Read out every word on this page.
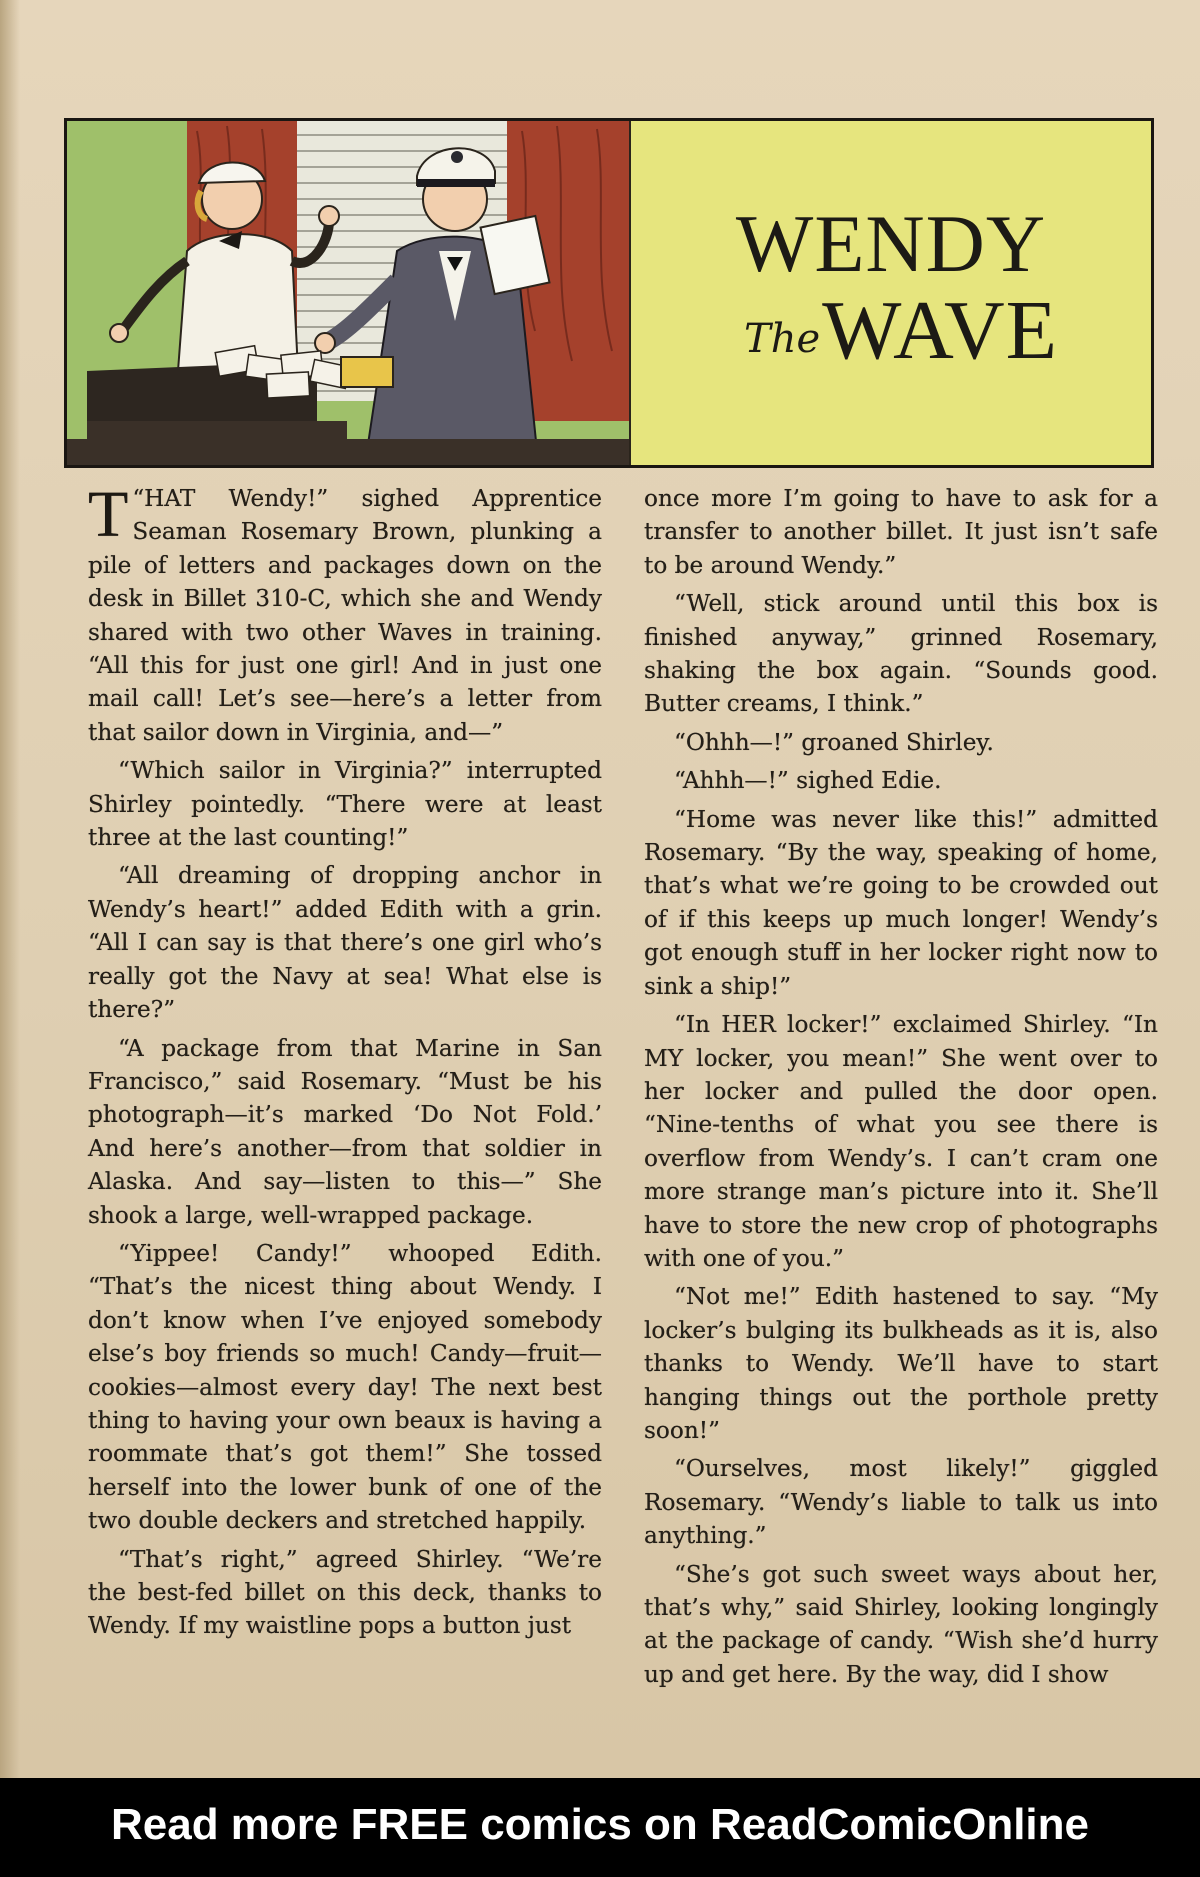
WENDY
TheWAVE

T “HAT Wendy!” sighed Apprentice Seaman Rosemary Brown, plunking a pile of letters and packages down on the desk in Billet 310-C, which she and Wendy shared with two other Waves in training. “All this for just one girl! And in just one mail call! Let’s see—here’s a letter from that sailor down in Virginia, and—”

“Which sailor in Virginia?” interrupted Shirley pointedly. “There were at least three at the last counting!”

“All dreaming of dropping anchor in Wendy’s heart!” added Edith with a grin. “All I can say is that there’s one girl who’s really got the Navy at sea! What else is there?”

“A package from that Marine in San Francisco,” said Rosemary. “Must be his photograph—it’s marked ‘Do Not Fold.’ And here’s another—from that soldier in Alaska. And say—listen to this—” She shook a large, well-wrapped package.

“Yippee! Candy!” whooped Edith. “That’s the nicest thing about Wendy. I don’t know when I’ve enjoyed somebody else’s boy friends so much! Candy—fruit—cookies—almost every day! The next best thing to having your own beaux is having a roommate that’s got them!” She tossed herself into the lower bunk of one of the two double deckers and stretched happily.

“That’s right,” agreed Shirley. “We’re the best-fed billet on this deck, thanks to Wendy. If my waistline pops a button just

once more I’m going to have to ask for a transfer to another billet. It just isn’t safe to be around Wendy.”

“Well, stick around until this box is finished anyway,” grinned Rosemary, shaking the box again. “Sounds good. Butter creams, I think.”

“Ohhh—!” groaned Shirley.

“Ahhh—!” sighed Edie.

“Home was never like this!” admitted Rosemary. “By the way, speaking of home, that’s what we’re going to be crowded out of if this keeps up much longer! Wendy’s got enough stuff in her locker right now to sink a ship!”

“In HER locker!” exclaimed Shirley. “In MY locker, you mean!” She went over to her locker and pulled the door open. “Nine-tenths of what you see there is overflow from Wendy’s. I can’t cram one more strange man’s picture into it. She’ll have to store the new crop of photographs with one of you.”

“Not me!” Edith hastened to say. “My locker’s bulging its bulkheads as it is, also thanks to Wendy. We’ll have to start hanging things out the porthole pretty soon!”

“Ourselves, most likely!” giggled Rosemary. “Wendy’s liable to talk us into anything.”

“She’s got such sweet ways about her, that’s why,” said Shirley, looking longingly at the package of candy. “Wish she’d hurry up and get here. By the way, did I show

Read more FREE comics on ReadComicOnline
